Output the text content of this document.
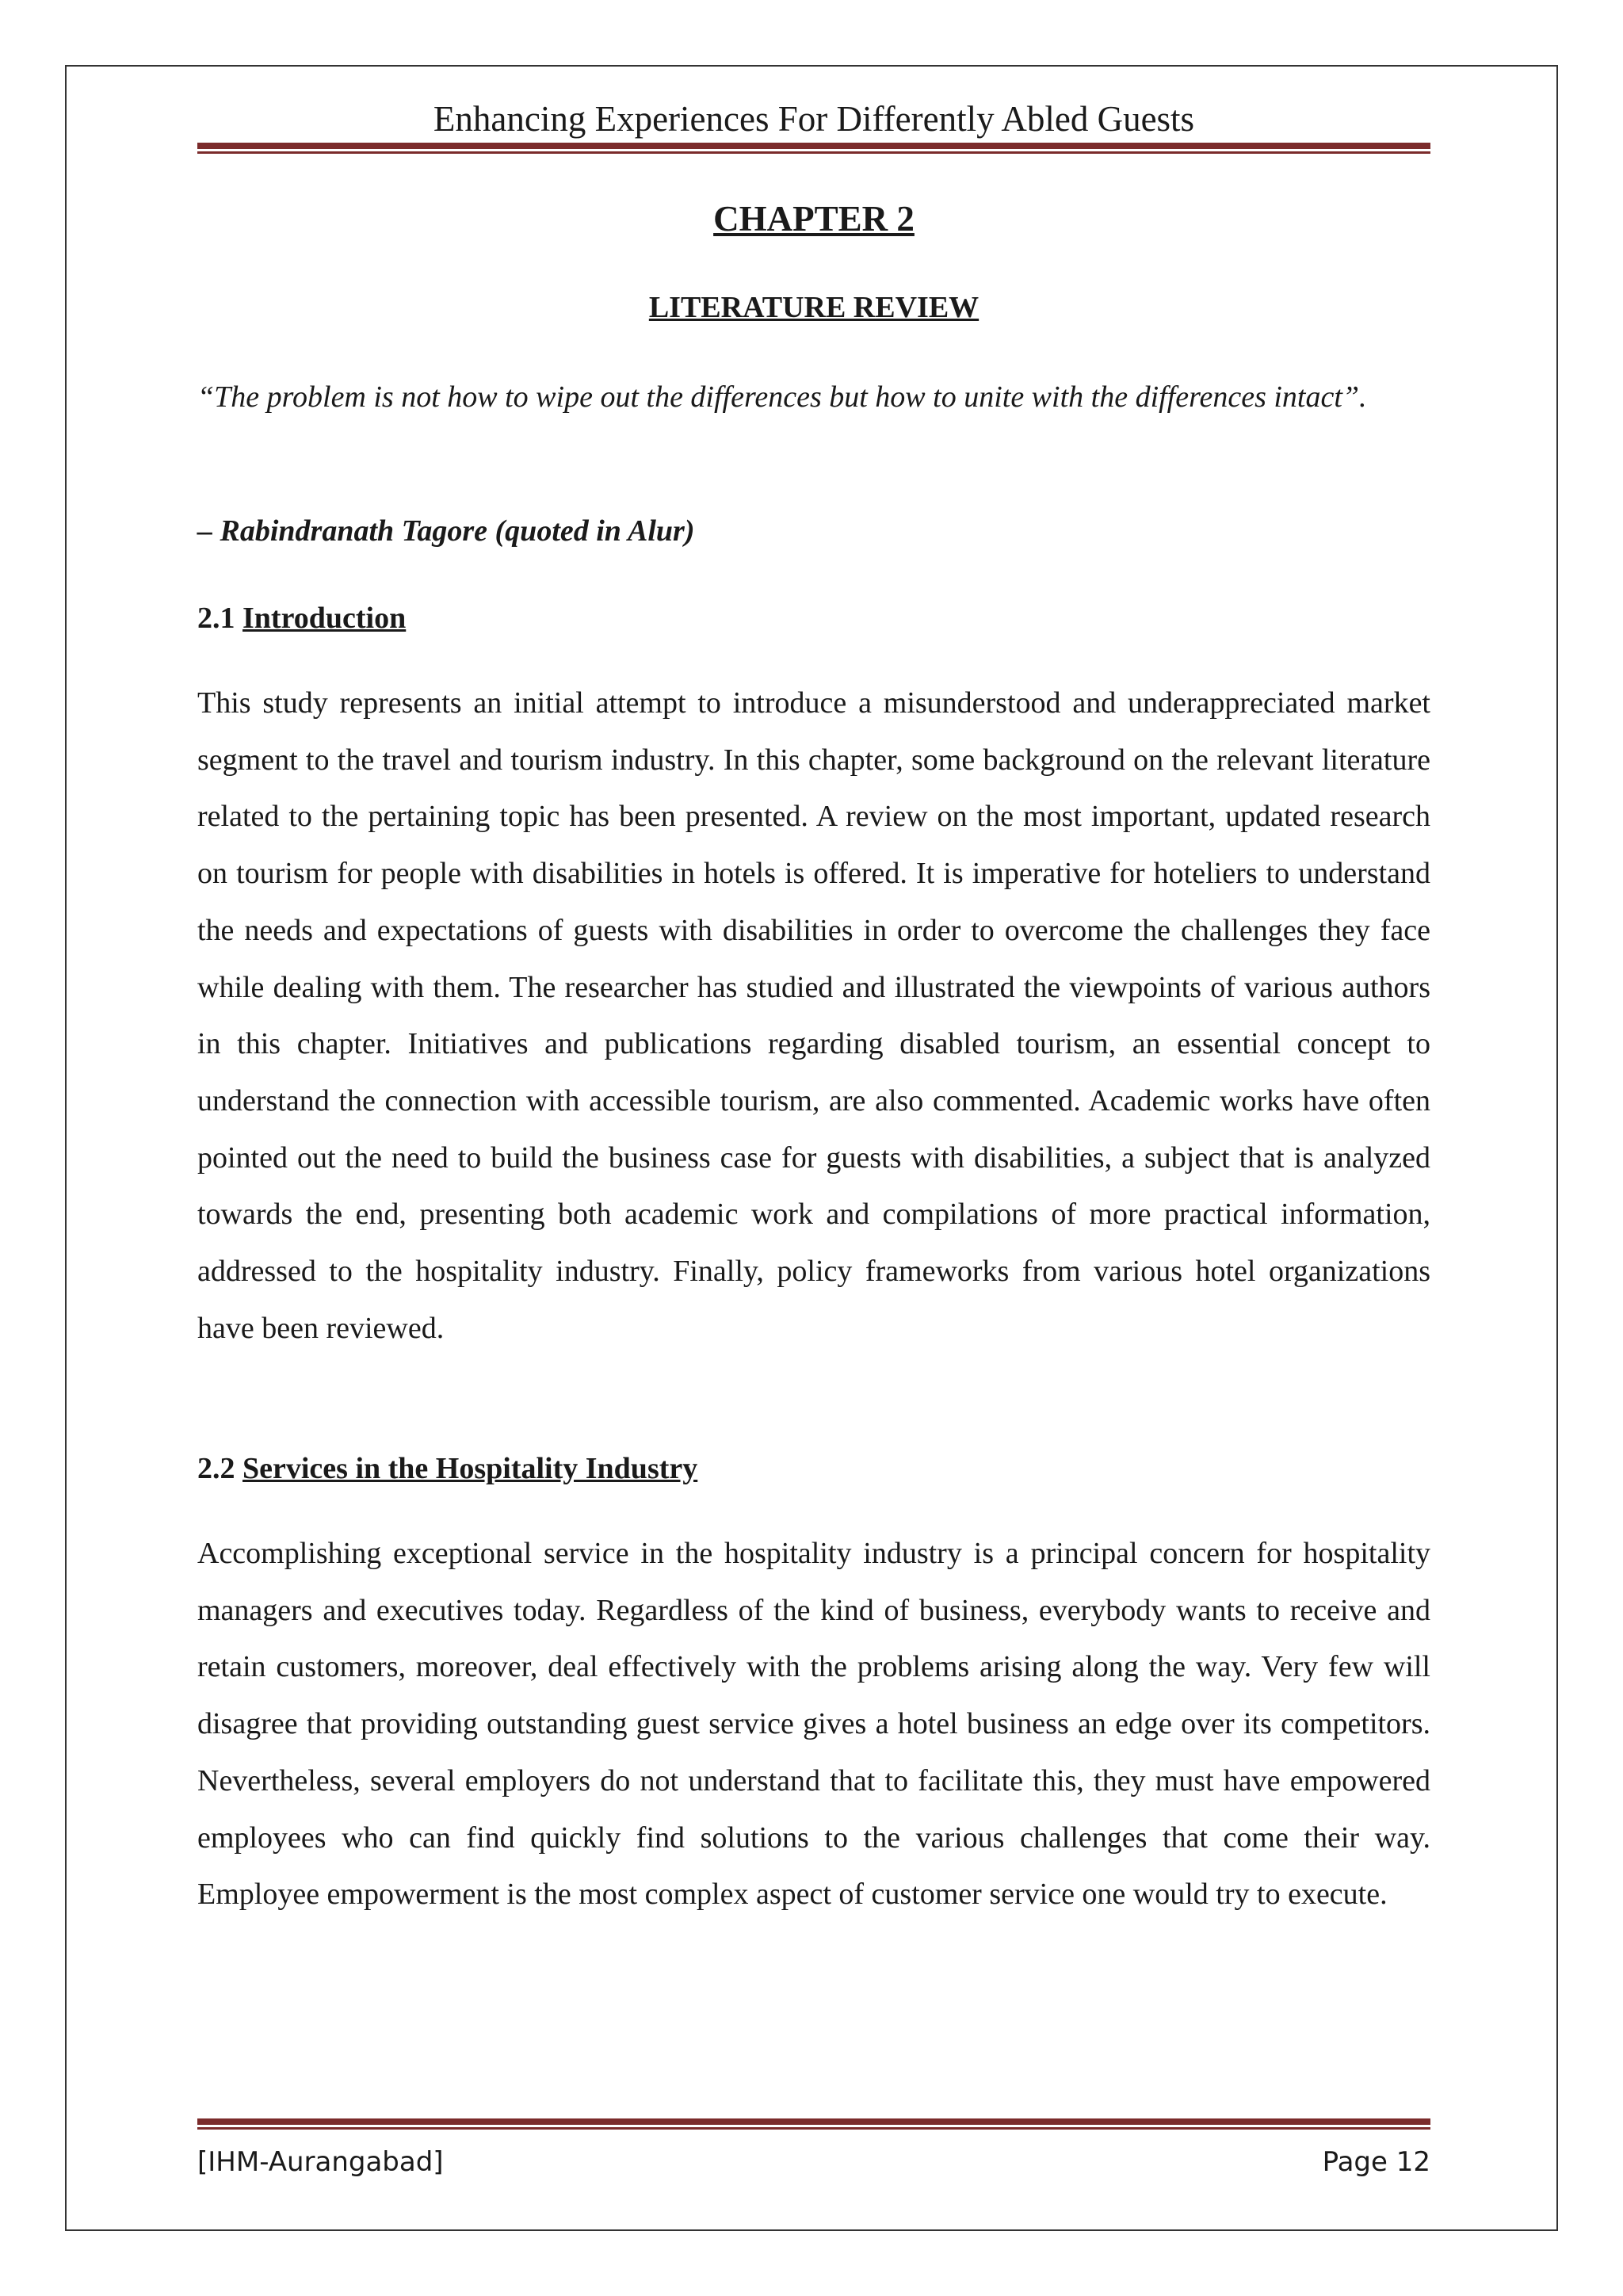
Enhancing Experiences For Differently Abled Guests
CHAPTER 2
LITERATURE REVIEW

“The problem is not how to wipe out the differences but how to unite with the differences intact”.

– Rabindranath Tagore (quoted in Alur)
2.1 Introduction

This study represents an initial attempt to introduce a misunderstood and underappreciated market segment to the travel and tourism industry. In this chapter, some background on the relevant literature related to the pertaining topic has been presented. A review on the most important, updated research on tourism for people with disabilities in hotels is offered. It is imperative for hoteliers to understand the needs and expectations of guests with disabilities in order to overcome the challenges they face while dealing with them. The researcher has studied and illustrated the viewpoints of various authors in this chapter. Initiatives and publications regarding disabled tourism, an essential concept to understand the connection with accessible tourism, are also commented. Academic works have often pointed out the need to build the business case for guests with disabilities, a subject that is analyzed towards the end, presenting both academic work and compilations of more practical information, addressed to the hospitality industry. Finally, policy frameworks from various hotel organizations have been reviewed.

2.2 Services in the Hospitality Industry

Accomplishing exceptional service in the hospitality industry is a principal concern for hospitality managers and executives today. Regardless of the kind of business, everybody wants to receive and retain customers, moreover, deal effectively with the problems arising along the way. Very few will disagree that providing outstanding guest service gives a hotel business an edge over its competitors. Nevertheless, several employers do not understand that to facilitate this, they must have empowered employees who can find quickly find solutions to the various challenges that come their way. Employee empowerment is the most complex aspect of customer service one would try to execute.

[IHM-Aurangabad]	Page 12
